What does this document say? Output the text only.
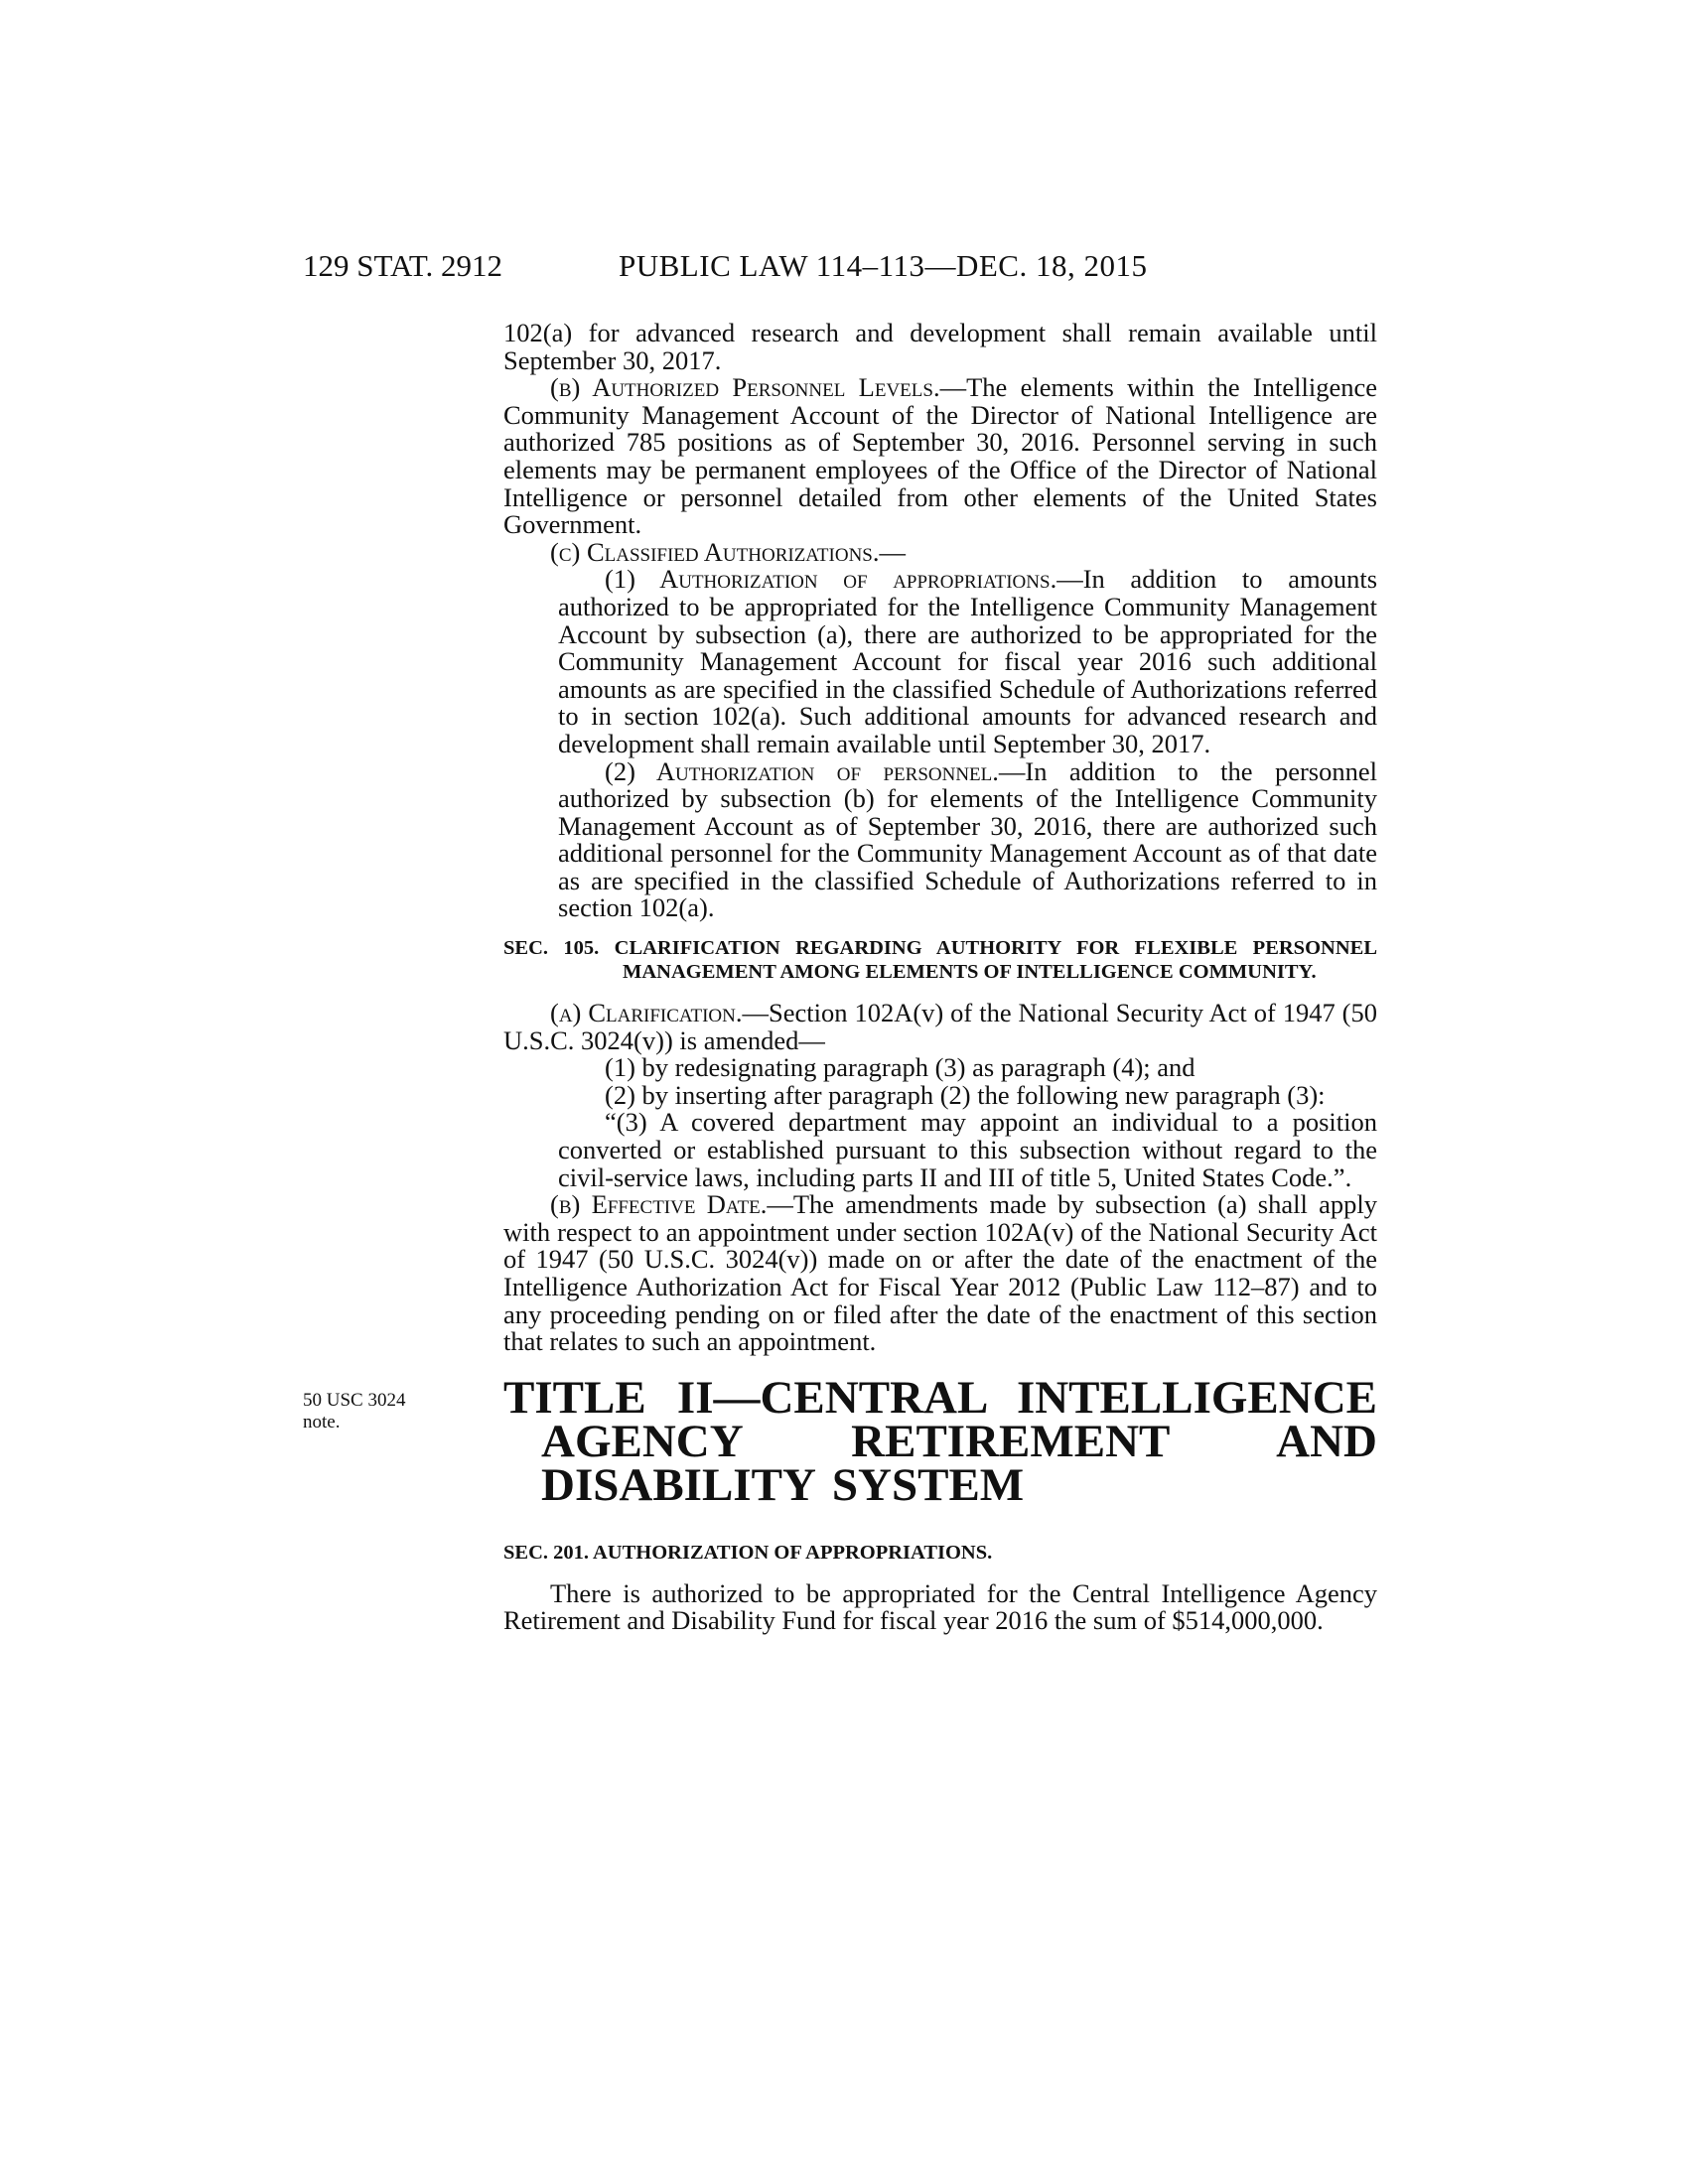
129 STAT. 2912	PUBLIC LAW 114–113—DEC. 18, 2015
50 USC 3024
note.

102(a) for advanced research and development shall remain available until September 30, 2017.

(b) Authorized Personnel Levels.—The elements within the Intelligence Community Management Account of the Director of National Intelligence are authorized 785 positions as of September 30, 2016. Personnel serving in such elements may be permanent employees of the Office of the Director of National Intelligence or personnel detailed from other elements of the United States Government.

(c) Classified Authorizations.—

(1) Authorization of appropriations.—In addition to amounts authorized to be appropriated for the Intelligence Community Management Account by subsection (a), there are authorized to be appropriated for the Community Management Account for fiscal year 2016 such additional amounts as are specified in the classified Schedule of Authorizations referred to in section 102(a). Such additional amounts for advanced research and development shall remain available until September 30, 2017.

(2) Authorization of personnel.—In addition to the personnel authorized by subsection (b) for elements of the Intelligence Community Management Account as of September 30, 2016, there are authorized such additional personnel for the Community Management Account as of that date as are specified in the classified Schedule of Authorizations referred to in section 102(a).

SEC. 105. CLARIFICATION REGARDING AUTHORITY FOR FLEXIBLE PERSONNEL MANAGEMENT AMONG ELEMENTS OF INTELLIGENCE COMMUNITY.

(a) Clarification.—Section 102A(v) of the National Security Act of 1947 (50 U.S.C. 3024(v)) is amended—

(1) by redesignating paragraph (3) as paragraph (4); and

(2) by inserting after paragraph (2) the following new paragraph (3):

“(3) A covered department may appoint an individual to a position converted or established pursuant to this subsection without regard to the civil-service laws, including parts II and III of title 5, United States Code.”.

(b) Effective Date.—The amendments made by subsection (a) shall apply with respect to an appointment under section 102A(v) of the National Security Act of 1947 (50 U.S.C. 3024(v)) made on or after the date of the enactment of the Intelligence Authorization Act for Fiscal Year 2012 (Public Law 112–87) and to any proceeding pending on or filed after the date of the enactment of this section that relates to such an appointment.

TITLE II—CENTRAL INTELLIGENCE AGENCY RETIREMENT AND DISABILITY SYSTEM
SEC. 201. AUTHORIZATION OF APPROPRIATIONS.

There is authorized to be appropriated for the Central Intelligence Agency Retirement and Disability Fund for fiscal year 2016 the sum of $514,000,000.
